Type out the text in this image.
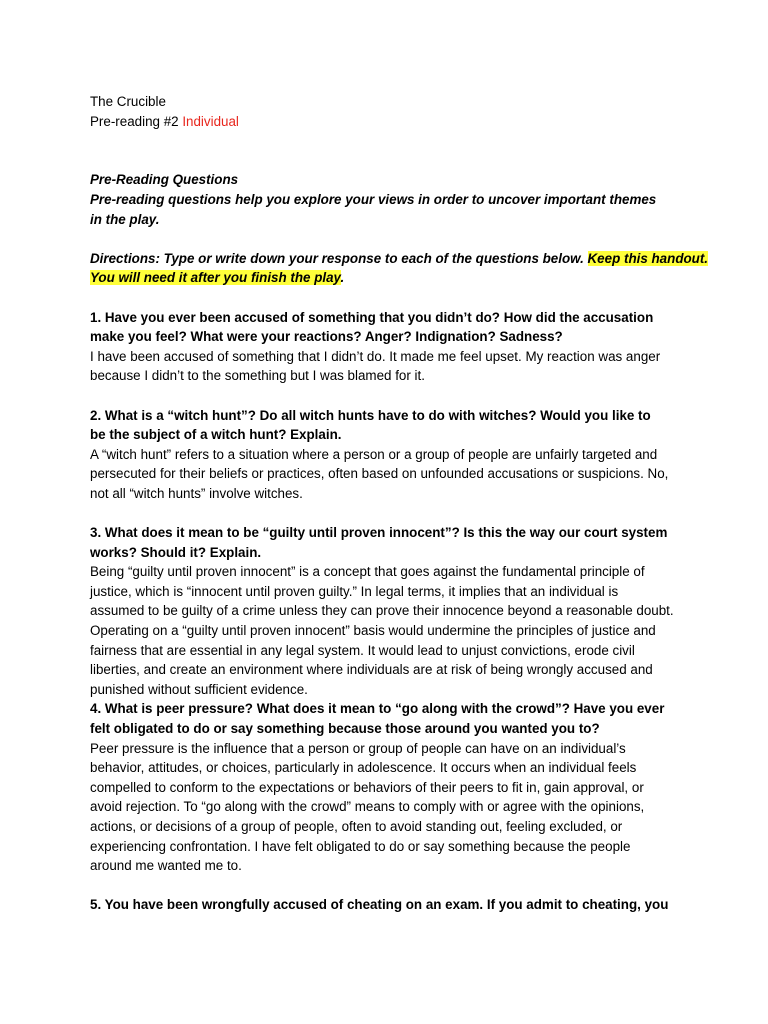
The Crucible
Pre-reading #2 Individual
Pre-Reading Questions
Pre-reading questions help you explore your views in order to uncover important themes
in the play.
Directions: Type or write down your response to each of the questions below. Keep this handout.
You will need it after you finish the play.
1. Have you ever been accused of something that you didn’t do? How did the accusation
make you feel? What were your reactions? Anger? Indignation? Sadness?
I have been accused of something that I didn’t do. It made me feel upset. My reaction was anger
because I didn’t to the something but I was blamed for it.
2. What is a “witch hunt”? Do all witch hunts have to do with witches? Would you like to
be the subject of a witch hunt? Explain.
A “witch hunt” refers to a situation where a person or a group of people are unfairly targeted and
persecuted for their beliefs or practices, often based on unfounded accusations or suspicions. No,
not all “witch hunts” involve witches.
3. What does it mean to be “guilty until proven innocent”? Is this the way our court system
works? Should it? Explain.
Being “guilty until proven innocent” is a concept that goes against the fundamental principle of
justice, which is “innocent until proven guilty.” In legal terms, it implies that an individual is
assumed to be guilty of a crime unless they can prove their innocence beyond a reasonable doubt.
Operating on a “guilty until proven innocent” basis would undermine the principles of justice and
fairness that are essential in any legal system. It would lead to unjust convictions, erode civil
liberties, and create an environment where individuals are at risk of being wrongly accused and
punished without sufficient evidence.
4. What is peer pressure? What does it mean to “go along with the crowd”? Have you ever
felt obligated to do or say something because those around you wanted you to?
Peer pressure is the influence that a person or group of people can have on an individual’s
behavior, attitudes, or choices, particularly in adolescence. It occurs when an individual feels
compelled to conform to the expectations or behaviors of their peers to fit in, gain approval, or
avoid rejection. To “go along with the crowd” means to comply with or agree with the opinions,
actions, or decisions of a group of people, often to avoid standing out, feeling excluded, or
experiencing confrontation. I have felt obligated to do or say something because the people
around me wanted me to.
5. You have been wrongfully accused of cheating on an exam. If you admit to cheating, you
